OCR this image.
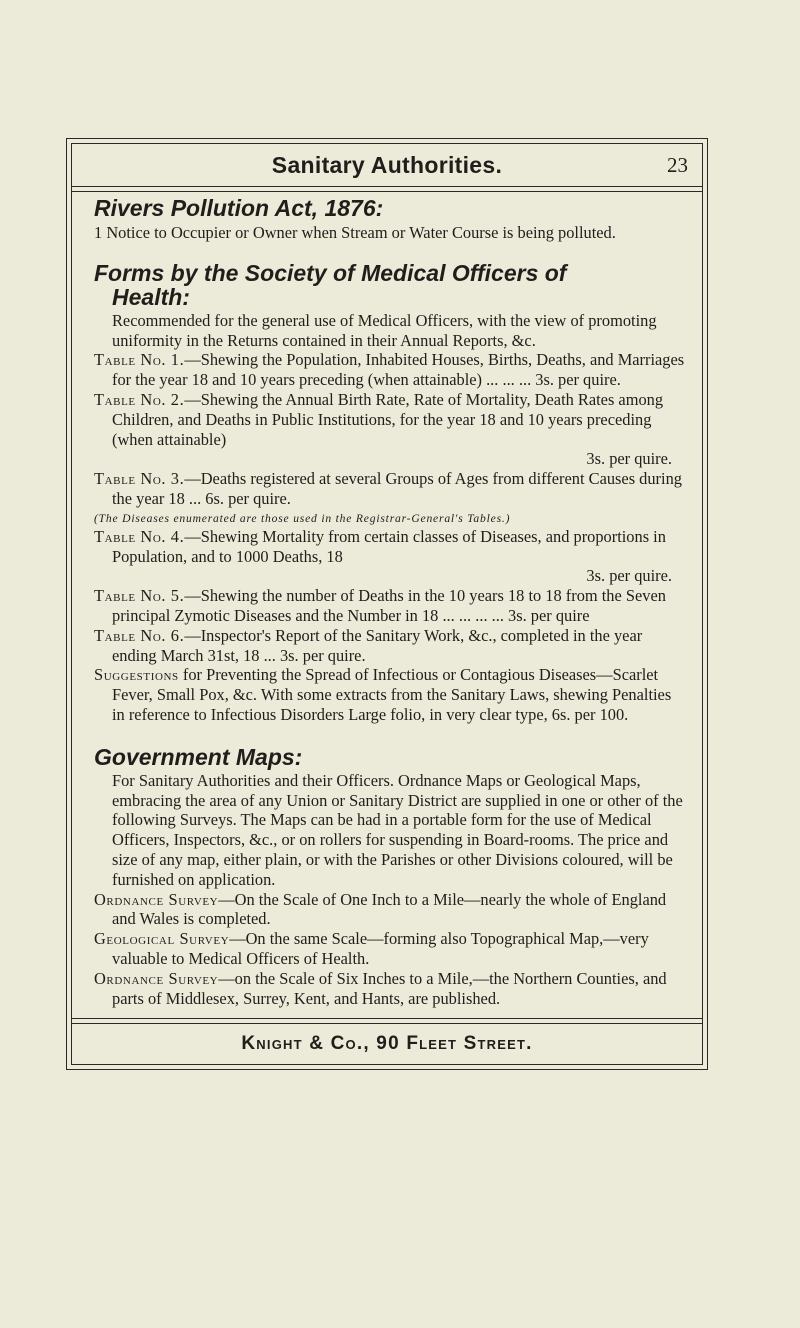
Sanitary Authorities.	23
Rivers Pollution Act, 1876:

1 Notice to Occupier or Owner when Stream or Water Course is being polluted.

Forms by the Society of Medical Officers of
Health:

Recommended for the general use of Medical Officers, with the view of promoting uniformity in the Returns contained in their Annual Reports, &c.

Table No. 1.—Shewing the Population, Inhabited Houses, Births, Deaths, and Marriages for the year 18 and 10 years preceding (when attainable) ... ... ... 3s. per quire.

Table No. 2.—Shewing the Annual Birth Rate, Rate of Mortality, Death Rates among Children, and Deaths in Public Institutions, for the year 18 and 10 years preceding (when attainable)

3s. per quire.

Table No. 3.—Deaths registered at several Groups of Ages from different Causes during the year 18 ... 6s. per quire.

(The Diseases enumerated are those used in the Registrar-General's Tables.)

Table No. 4.—Shewing Mortality from certain classes of Diseases, and proportions in Population, and to 1000 Deaths, 18

3s. per quire.

Table No. 5.—Shewing the number of Deaths in the 10 years 18 to 18 from the Seven principal Zymotic Diseases and the Number in 18 ... ... ... ... 3s. per quire

Table No. 6.—Inspector's Report of the Sanitary Work, &c., completed in the year ending March 31st, 18 ... 3s. per quire.

Suggestions for Preventing the Spread of Infectious or Contagious Diseases—Scarlet Fever, Small Pox, &c. With some extracts from the Sanitary Laws, shewing Penalties in reference to Infectious Disorders Large folio, in very clear type, 6s. per 100.

Government Maps:

For Sanitary Authorities and their Officers. Ordnance Maps or Geological Maps, embracing the area of any Union or Sanitary District are supplied in one or other of the following Surveys. The Maps can be had in a portable form for the use of Medical Officers, Inspectors, &c., or on rollers for suspending in Board-rooms. The price and size of any map, either plain, or with the Parishes or other Divisions coloured, will be furnished on application.

Ordnance Survey—On the Scale of One Inch to a Mile—nearly the whole of England and Wales is completed.

Geological Survey—On the same Scale—forming also Topographical Map,—very valuable to Medical Officers of Health.

Ordnance Survey—on the Scale of Six Inches to a Mile,—the Northern Counties, and parts of Middlesex, Surrey, Kent, and Hants, are published.

Knight & Co., 90 Fleet Street.
